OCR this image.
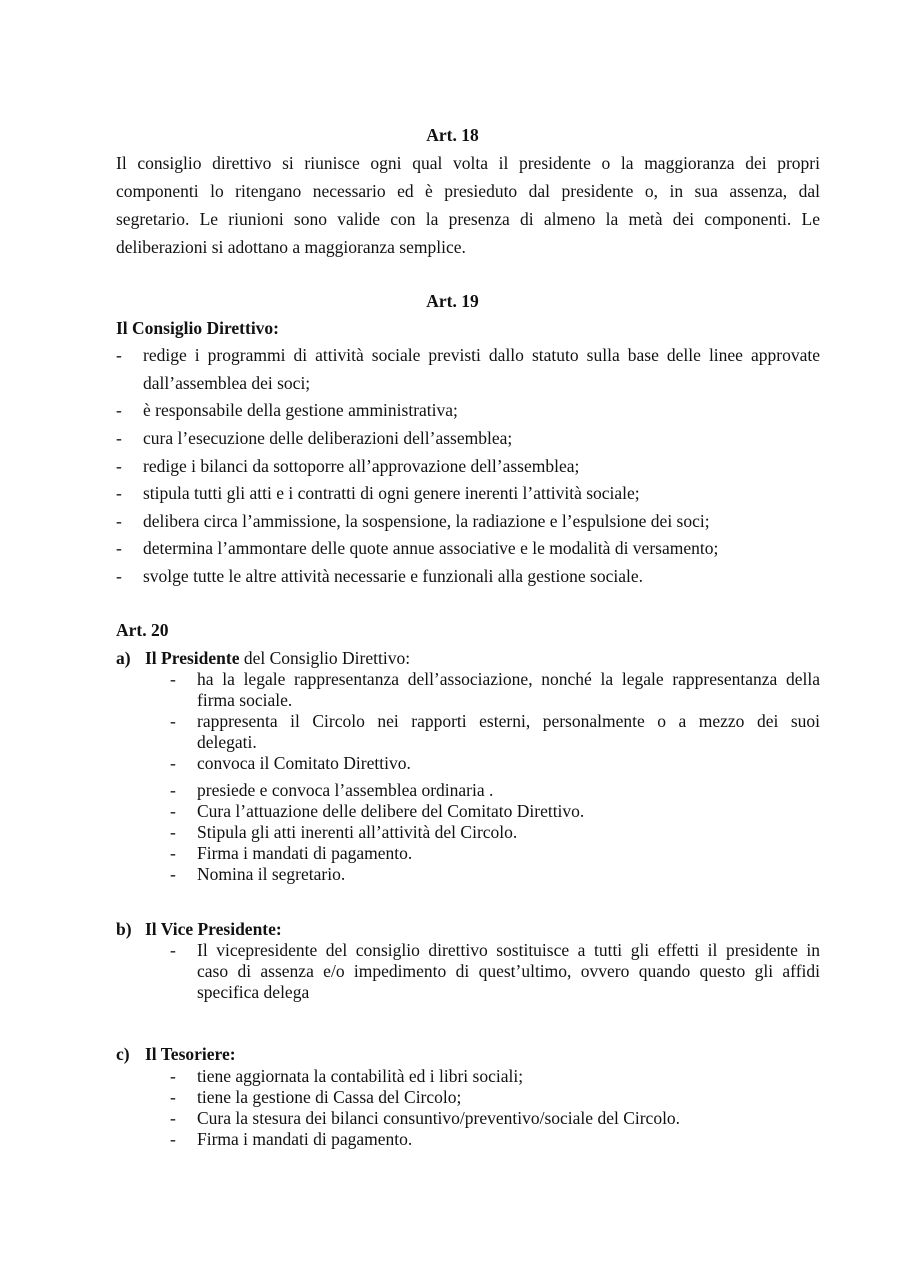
Art. 18

Il consiglio direttivo si riunisce ogni qual volta il presidente o la maggioranza dei propri

componenti lo ritengano necessario ed è presieduto dal presidente o, in sua assenza, dal

segretario. Le riunioni sono valide con la presenza di almeno la metà dei componenti. Le

deliberazioni si adottano a maggioranza semplice.

Art. 19

Il Consiglio Direttivo:

- redige i programmi di attività sociale previsti dallo statuto sulla base delle linee approvate

dall’assemblea dei soci;

- è responsabile della gestione amministrativa;

- cura l’esecuzione delle deliberazioni dell’assemblea;

- redige i bilanci da sottoporre all’approvazione dell’assemblea;

- stipula tutti gli atti e i contratti di ogni genere inerenti l’attività sociale;

- delibera circa l’ammissione, la sospensione, la radiazione e l’espulsione dei soci;

- determina l’ammontare delle quote annue associative e le modalità di versamento;

- svolge tutte le altre attività necessarie e funzionali alla gestione sociale.

Art. 20

a) Il Presidente del Consiglio Direttivo:

- ha la legale rappresentanza dell’associazione, nonché la legale rappresentanza della

firma sociale.

- rappresenta il Circolo nei rapporti esterni, personalmente o a mezzo dei suoi

delegati.

- convoca il Comitato Direttivo.

- presiede e convoca l’assemblea ordinaria .

- Cura l’attuazione delle delibere del Comitato Direttivo.

- Stipula gli atti inerenti all’attività del Circolo.

- Firma i mandati di pagamento.

- Nomina il segretario.

b) Il Vice Presidente:

- Il vicepresidente del consiglio direttivo sostituisce a tutti gli effetti il presidente in

caso di assenza e/o impedimento di quest’ultimo, ovvero quando questo gli affidi

specifica delega

c) Il Tesoriere:

- tiene aggiornata la contabilità ed i libri sociali;

- tiene la gestione di Cassa del Circolo;

- Cura la stesura dei bilanci consuntivo/preventivo/sociale del Circolo.

- Firma i mandati di pagamento.
